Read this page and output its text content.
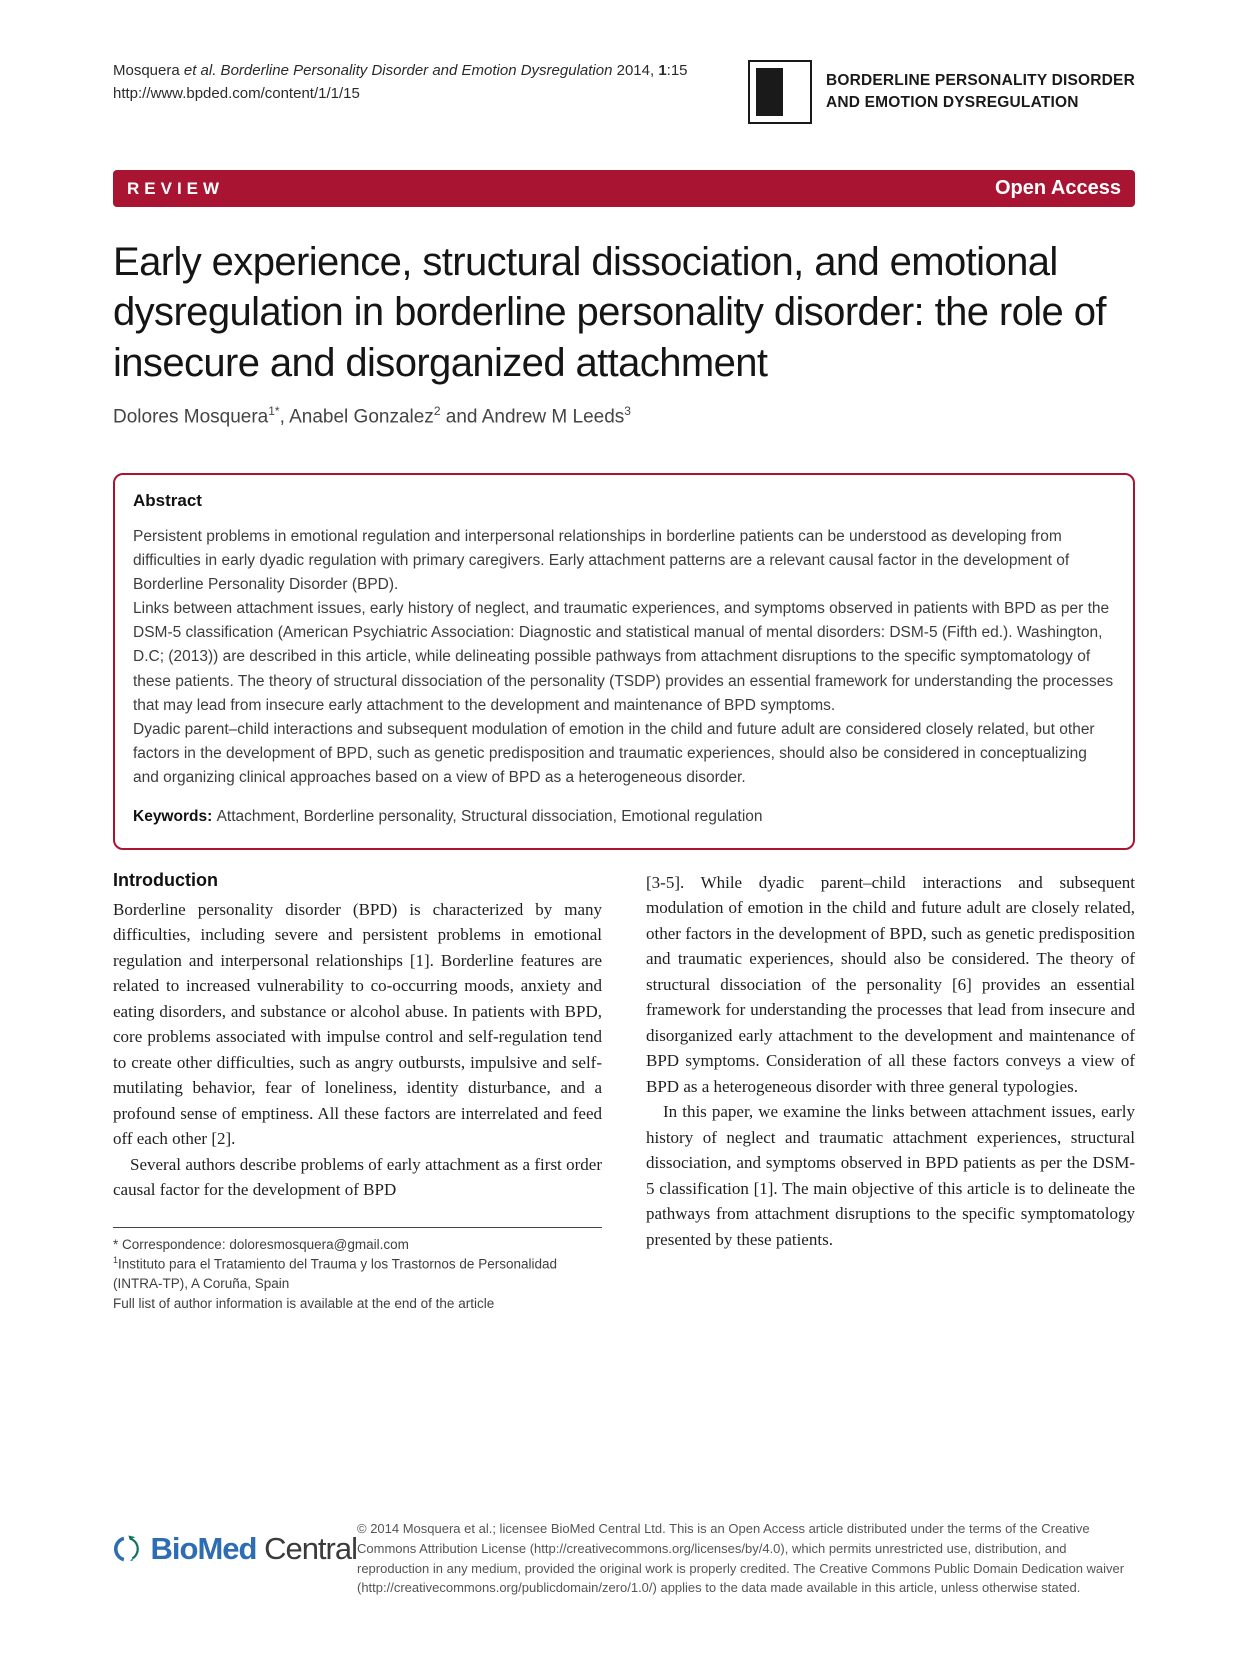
Mosquera et al. Borderline Personality Disorder and Emotion Dysregulation 2014, 1:15
http://www.bpded.com/content/1/1/15
BORDERLINE PERSONALITY DISORDER
AND EMOTION DYSREGULATION
REVIEW	Open Access
Early experience, structural dissociation, and emotional dysregulation in borderline personality disorder: the role of insecure and disorganized attachment
Dolores Mosquera$^{1*}$, Anabel Gonzalez$^2$ and Andrew M Leeds$^3$
Abstract

Persistent problems in emotional regulation and interpersonal relationships in borderline patients can be understood as developing from difficulties in early dyadic regulation with primary caregivers. Early attachment patterns are a relevant causal factor in the development of Borderline Personality Disorder (BPD).

Links between attachment issues, early history of neglect, and traumatic experiences, and symptoms observed in patients with BPD as per the DSM-5 classification (American Psychiatric Association: Diagnostic and statistical manual of mental disorders: DSM-5 (Fifth ed.). Washington, D.C; (2013)) are described in this article, while delineating possible pathways from attachment disruptions to the specific symptomatology of these patients. The theory of structural dissociation of the personality (TSDP) provides an essential framework for understanding the processes that may lead from insecure early attachment to the development and maintenance of BPD symptoms.

Dyadic parent–child interactions and subsequent modulation of emotion in the child and future adult are considered closely related, but other factors in the development of BPD, such as genetic predisposition and traumatic experiences, should also be considered in conceptualizing and organizing clinical approaches based on a view of BPD as a heterogeneous disorder.

Keywords: Attachment, Borderline personality, Structural dissociation, Emotional regulation

Introduction

Borderline personality disorder (BPD) is characterized by many difficulties, including severe and persistent problems in emotional regulation and interpersonal relationships [1]. Borderline features are related to increased vulnerability to co-occurring moods, anxiety and eating disorders, and substance or alcohol abuse. In patients with BPD, core problems associated with impulse control and self-regulation tend to create other difficulties, such as angry outbursts, impulsive and self-mutilating behavior, fear of loneliness, identity disturbance, and a profound sense of emptiness. All these factors are interrelated and feed off each other [2].

Several authors describe problems of early attachment as a first order causal factor for the development of BPD

* Correspondence: doloresmosquera@gmail.com
$^1$Instituto para el Tratamiento del Trauma y los Trastornos de Personalidad (INTRA-TP), A Coruña, Spain
Full list of author information is available at the end of the article

[3-5]. While dyadic parent–child interactions and subsequent modulation of emotion in the child and future adult are closely related, other factors in the development of BPD, such as genetic predisposition and traumatic experiences, should also be considered. The theory of structural dissociation of the personality [6] provides an essential framework for understanding the processes that lead from insecure and disorganized early attachment to the development and maintenance of BPD symptoms. Consideration of all these factors conveys a view of BPD as a heterogeneous disorder with three general typologies.

In this paper, we examine the links between attachment issues, early history of neglect and traumatic attachment experiences, structural dissociation, and symptoms observed in BPD patients as per the DSM-5 classification [1]. The main objective of this article is to delineate the pathways from attachment disruptions to the specific symptomatology presented by these patients.

BioMed Central
© 2014 Mosquera et al.; licensee BioMed Central Ltd. This is an Open Access article distributed under the terms of the Creative Commons Attribution License (http://creativecommons.org/licenses/by/4.0), which permits unrestricted use, distribution, and reproduction in any medium, provided the original work is properly credited. The Creative Commons Public Domain Dedication waiver (http://creativecommons.org/publicdomain/zero/1.0/) applies to the data made available in this article, unless otherwise stated.
